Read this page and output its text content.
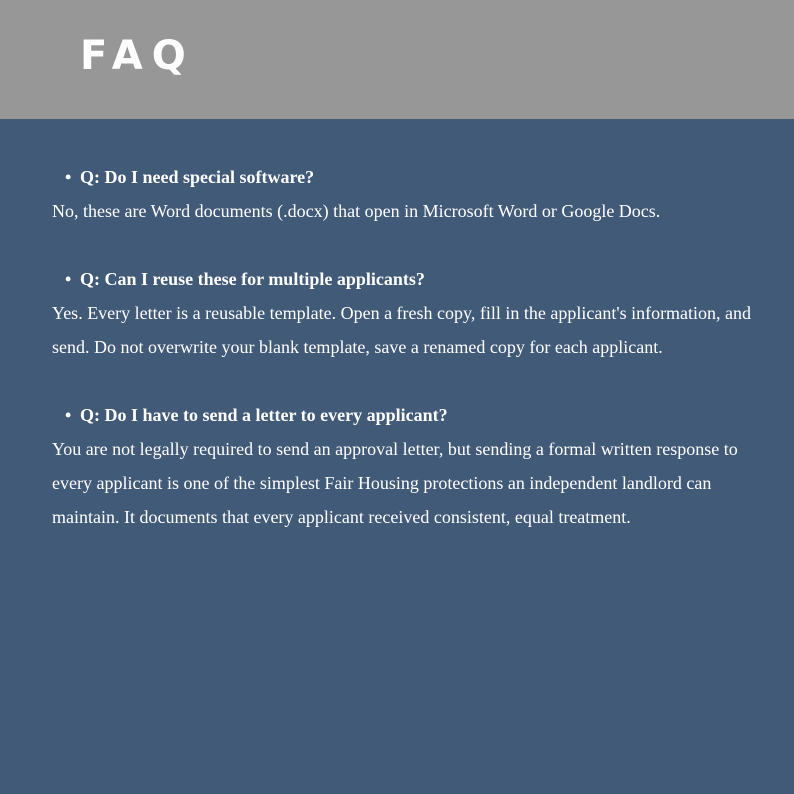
FAQ

• Q: Do I need special software?

No, these are Word documents (.docx) that open in Microsoft Word or Google Docs.

• Q: Can I reuse these for multiple applicants?

Yes. Every letter is a reusable template. Open a fresh copy, fill in the applicant's information, and send. Do not overwrite your blank template, save a renamed copy for each applicant.

• Q: Do I have to send a letter to every applicant?

You are not legally required to send an approval letter, but sending a formal written response to every applicant is one of the simplest Fair Housing protections an independent landlord can maintain. It documents that every applicant received consistent, equal treatment.
